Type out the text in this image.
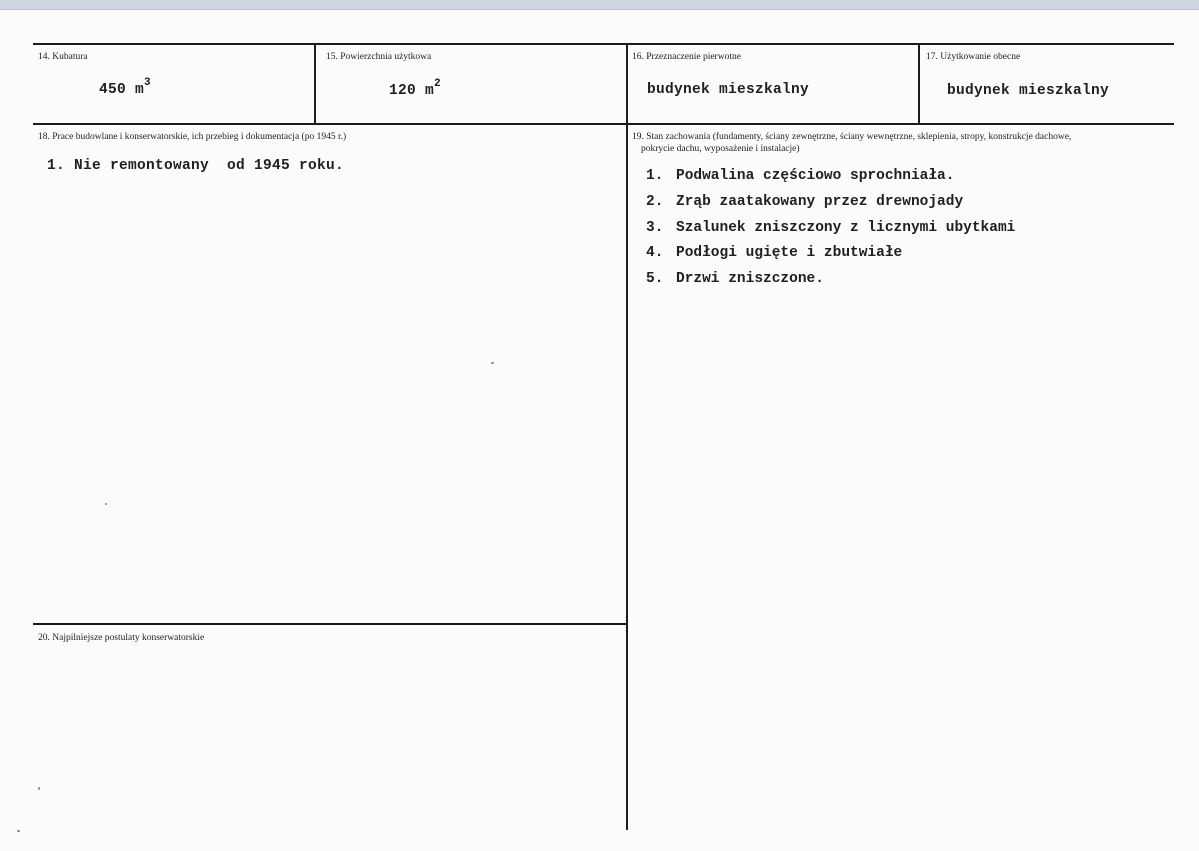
14. Kubatura
450 $m^3$
15. Powierzchnia użytkowa
120 $m^2$
16. Przeznaczenie pierwotne
budynek mieszkalny
17. Użytkowanie obecne
budynek mieszkalny
18. Prace budowlane i konserwatorskie, ich przebieg i dokumentacja (po 1945 r.)
1. Nie remontowany  od 1945 roku.
19. Stan zachowania (fundamenty, ściany zewnętrzne, ściany wewnętrzne, sklepienia, stropy, konstrukcje dachowe,
pokrycie dachu, wyposażenie i instalacje)
1. Podwalina częściowo sprochniała.
2. Zrąb zaatakowany przez drewnojady
3. Szalunek zniszczony z licznymi ubytkami
4. Podłogi ugięte i zbutwiałe
5. Drzwi zniszczone.
20. Najpilniejsze postulaty konserwatorskie
